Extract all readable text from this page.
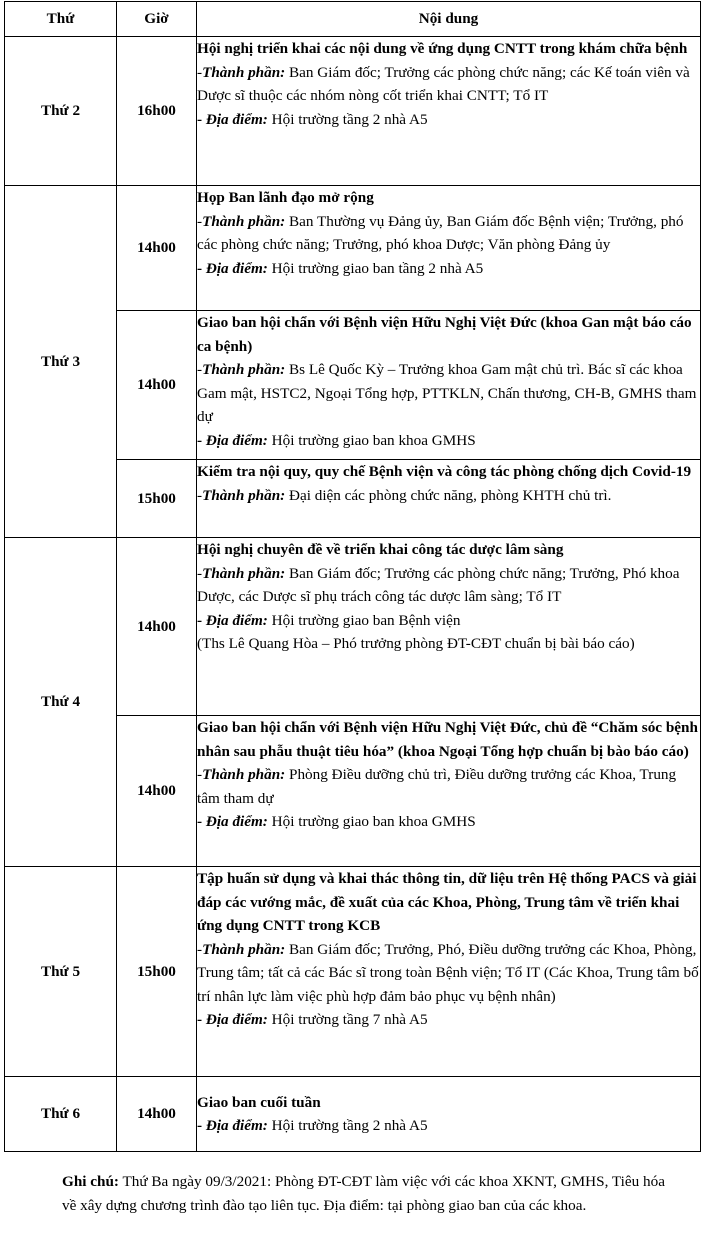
Thứ	Giờ	Nội dung
Thứ 2	16h00	Hội nghị triển khai các nội dung về ứng dụng CNTT trong khám chữa bệnh
-Thành phần: Ban Giám đốc; Trưởng các phòng chức năng; các Kế toán viên và Dược sĩ thuộc các nhóm nòng cốt triển khai CNTT; Tổ IT
- Địa điểm: Hội trường tầng 2 nhà A5

Thứ 3	14h00	Họp Ban lãnh đạo mở rộng
-Thành phần: Ban Thường vụ Đảng ủy, Ban Giám đốc Bệnh viện; Trưởng, phó các phòng chức năng; Trưởng, phó khoa Dược; Văn phòng Đảng ủy
- Địa điểm: Hội trường giao ban tầng 2 nhà A5

	14h00	Giao ban hội chẩn với Bệnh viện Hữu Nghị Việt Đức (khoa Gan mật báo cáo ca bệnh)
-Thành phần: Bs Lê Quốc Kỳ – Trưởng khoa Gam mật chủ trì. Bác sĩ các khoa Gam mật, HSTC2, Ngoại Tổng hợp, PTTKLN, Chấn thương, CH-B, GMHS tham dự
- Địa điểm: Hội trường giao ban khoa GMHS

	15h00	Kiểm tra nội quy, quy chế Bệnh viện và công tác phòng chống dịch Covid-19
-Thành phần: Đại diện các phòng chức năng, phòng KHTH chủ trì.

Thứ 4	14h00	Hội nghị chuyên đề về triển khai công tác dược lâm sàng
-Thành phần: Ban Giám đốc; Trưởng các phòng chức năng; Trưởng, Phó khoa Dược, các Dược sĩ phụ trách công tác dược lâm sàng; Tổ IT
- Địa điểm: Hội trường giao ban Bệnh viện
(Ths Lê Quang Hòa – Phó trưởng phòng ĐT-CĐT chuẩn bị bài báo cáo)

	14h00	Giao ban hội chẩn với Bệnh viện Hữu Nghị Việt Đức, chủ đề “Chăm sóc bệnh nhân sau phẫu thuật tiêu hóa” (khoa Ngoại Tổng hợp chuẩn bị bào báo cáo)
-Thành phần: Phòng Điều dưỡng chủ trì, Điều dưỡng trưởng các Khoa, Trung tâm tham dự
- Địa điểm: Hội trường giao ban khoa GMHS

Thứ 5	15h00	Tập huấn sử dụng và khai thác thông tin, dữ liệu trên Hệ thống PACS và giải đáp các vướng mắc, đề xuất của các Khoa, Phòng, Trung tâm về triển khai ứng dụng CNTT trong KCB
-Thành phần: Ban Giám đốc; Trưởng, Phó, Điều dưỡng trưởng các Khoa, Phòng, Trung tâm; tất cả các Bác sĩ trong toàn Bệnh viện; Tổ IT (Các Khoa, Trung tâm bố trí nhân lực làm việc phù hợp đảm bảo phục vụ bệnh nhân)
- Địa điểm: Hội trường tầng 7 nhà A5

Thứ 6	14h00	Giao ban cuối tuần
- Địa điểm: Hội trường tầng 2 nhà A5
Ghi chú: Thứ Ba ngày 09/3/2021: Phòng ĐT-CĐT làm việc với các khoa XKNT, GMHS, Tiêu hóa về xây dựng chương trình đào tạo liên tục. Địa điểm: tại phòng giao ban của các khoa.
